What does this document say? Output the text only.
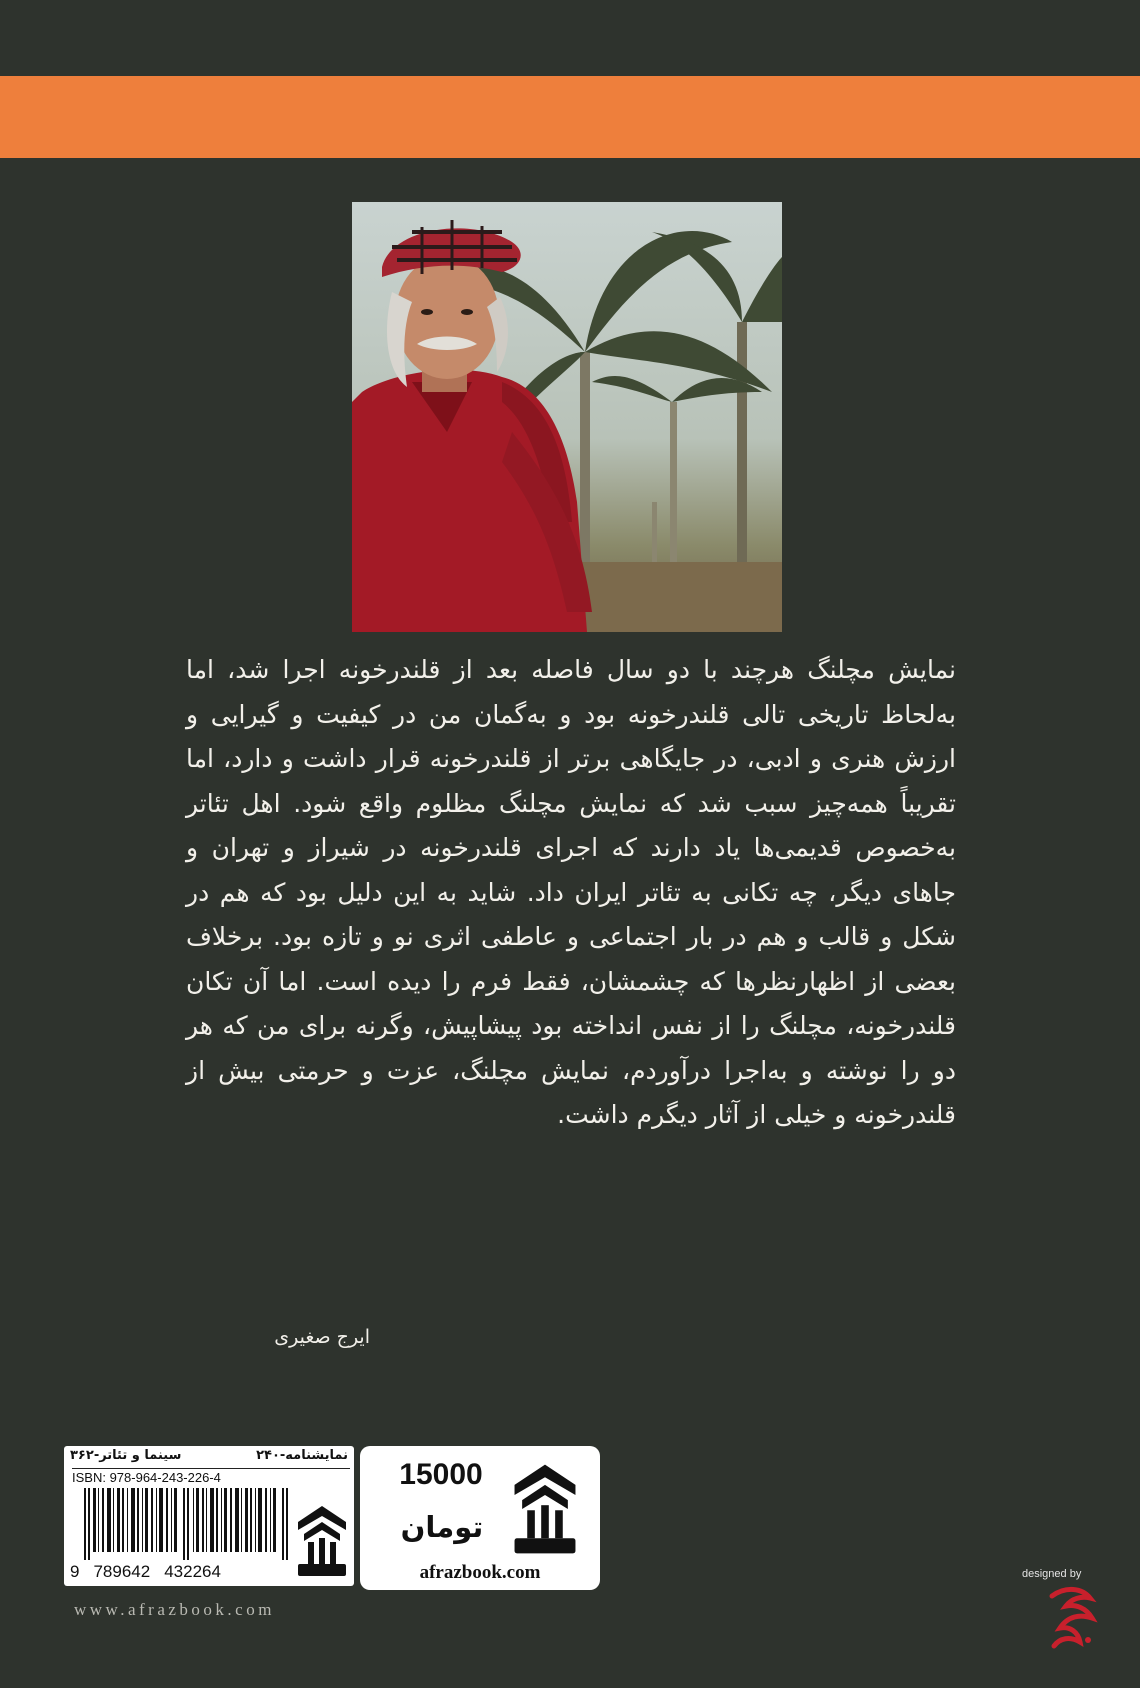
نمایش مچلنگ هرچند با دو سال فاصله بعد از قلندرخونه اجرا شد، اما به‌لحاظ تاریخی تالی قلندرخونه بود و به‌گمان من در کیفیت و گیرایی و ارزش هنری و ادبی، در جایگاهی برتر از قلندرخونه قرار داشت و دارد، اما تقریباً همه‌چیز سبب شد که نمایش مچلنگ مظلوم واقع شود. اهل تئاتر به‌خصوص قدیمی‌ها یاد دارند که اجرای قلندرخونه در شیراز و تهران و جاهای دیگر، چه تکانی به تئاتر ایران داد. شاید به این دلیل بود که هم در شکل و قالب و هم در بار اجتماعی و عاطفی اثری نو و تازه بود. برخلاف بعضی از اظهارنظرها که چشمشان، فقط فرم را دیده است. اما آن تکان قلندرخونه، مچلنگ را از نفس انداخته بود پیشاپیش، وگرنه برای من که هر دو را نوشته و به‌اجرا درآوردم، نمایش مچلنگ، عزت و حرمتی بیش از قلندرخونه و خیلی از آثار دیگرم داشت.
ایرج صغیری
نمایشنامه-۲۴۰
سینما و تئاتر-۳۶۲
ISBN: 978-964-243-226-4
9 789642 432264
15000
تومان
afrazbook.com
www.afrazbook.com
designed by
